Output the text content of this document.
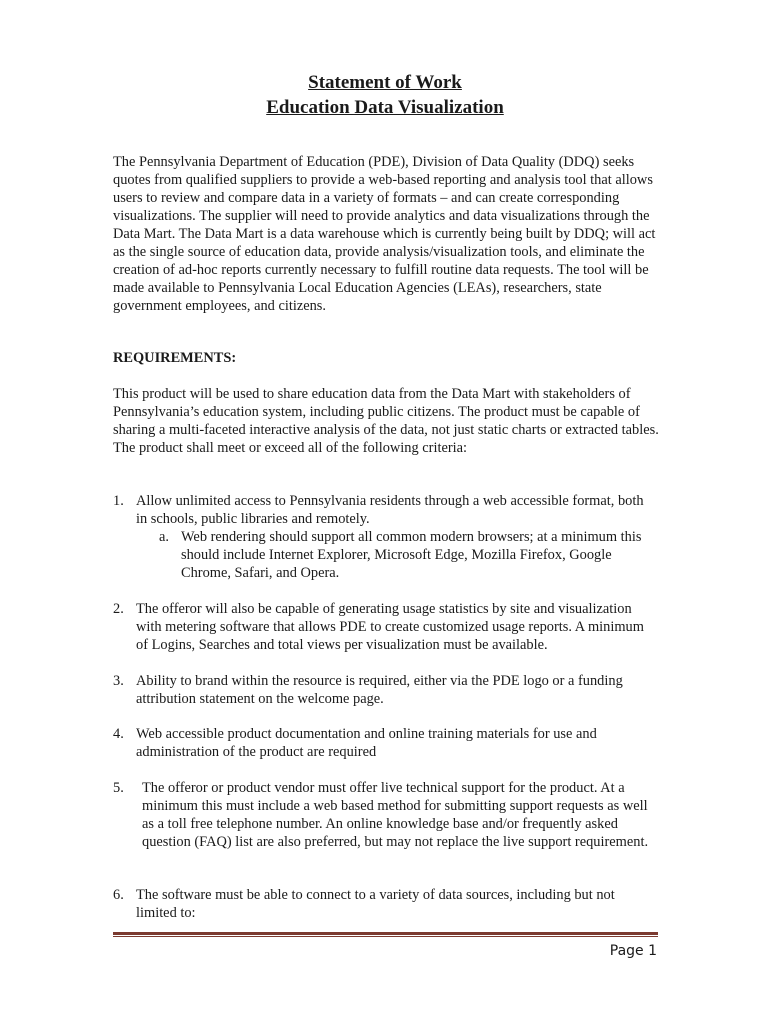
Statement of Work
Education Data Visualization
The Pennsylvania Department of Education (PDE), Division of Data Quality (DDQ) seeks quotes from qualified suppliers to provide a web-based reporting and analysis tool that allows users to review and compare data in a variety of formats – and can create corresponding visualizations. The supplier will need to provide analytics and data visualizations through the Data Mart. The Data Mart is a data warehouse which is currently being built by DDQ; will act as the single source of education data, provide analysis/visualization tools, and eliminate the creation of ad-hoc reports currently necessary to fulfill routine data requests. The tool will be made available to Pennsylvania Local Education Agencies (LEAs), researchers, state government employees, and citizens.
REQUIREMENTS:
This product will be used to share education data from the Data Mart with stakeholders of Pennsylvania’s education system, including public citizens. The product must be capable of sharing a multi-faceted interactive analysis of the data, not just static charts or extracted tables. The product shall meet or exceed all of the following criteria:
1. Allow unlimited access to Pennsylvania residents through a web accessible format, both in schools, public libraries and remotely.
a. Web rendering should support all common modern browsers; at a minimum this should include Internet Explorer, Microsoft Edge, Mozilla Firefox, Google Chrome, Safari, and Opera.
2. The offeror will also be capable of generating usage statistics by site and visualization with metering software that allows PDE to create customized usage reports. A minimum of Logins, Searches and total views per visualization must be available.
3. Ability to brand within the resource is required, either via the PDE logo or a funding attribution statement on the welcome page.
4. Web accessible product documentation and online training materials for use and administration of the product are required
5. The offeror or product vendor must offer live technical support for the product. At a minimum this must include a web based method for submitting support requests as well as a toll free telephone number. An online knowledge base and/or frequently asked question (FAQ) list are also preferred, but may not replace the live support requirement.
6. The software must be able to connect to a variety of data sources, including but not limited to:
Page 1
